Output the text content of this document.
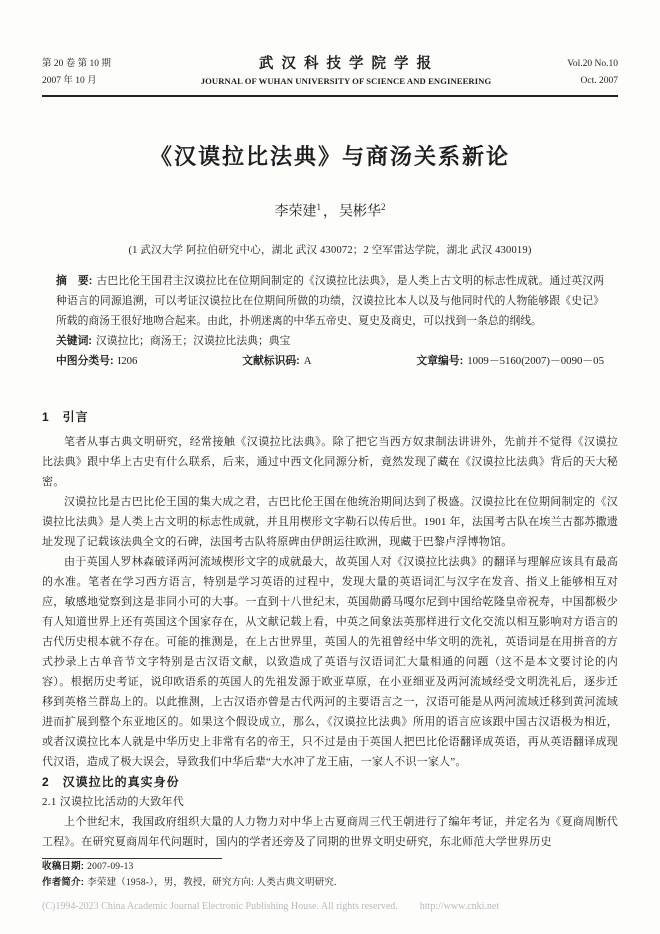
第 20 卷 第 10 期
2007 年 10 月
武 汉 科 技 学 院 学 报
JOURNAL OF WUHAN UNIVERSITY OF SCIENCE AND ENGINEERING
Vol.20 No.10
Oct. 2007
《汉谟拉比法典》与商汤关系新论
李荣建$^1$ ， 吴彬华$^2$
(1 武汉大学 阿拉伯研究中心，湖北 武汉 430072；2 空军雷达学院，湖北 武汉 430019)
摘　要: 古巴比伦王国君主汉谟拉比在位期间制定的《汉谟拉比法典》，是人类上古文明的标志性成就。通过英汉两种语言的同源追溯，可以考证汉谟拉比在位期间所做的功绩，汉谟拉比本人以及与他同时代的人物能够跟《史记》所载的商汤王很好地吻合起来。由此，扑朔迷离的中华五帝史、夏史及商史，可以找到一条总的纲线。
关键词: 汉谟拉比；商汤王；汉谟拉比法典；典宝
中图分类号: I206	文献标识码: A	文章编号: 1009－5160(2007)－0090－05
1　引言

笔者从事古典文明研究，经常接触《汉谟拉比法典》。除了把它当西方奴隶制法讲讲外，先前并不觉得《汉谟拉比法典》跟中华上古史有什么联系，后来，通过中西文化同源分析，竟然发现了藏在《汉谟拉比法典》背后的天大秘密。

汉谟拉比是古巴比伦王国的集大成之君，古巴比伦王国在他统治期间达到了极盛。汉谟拉比在位期间制定的《汉谟拉比法典》是人类上古文明的标志性成就，并且用楔形文字勒石以传后世。1901 年，法国考古队在埃兰古都苏撒遗址发现了记载该法典全文的石碑，法国考古队将原碑由伊朗运往欧洲，现藏于巴黎卢浮博物馆。

由于英国人罗林森破译两河流域楔形文字的成就最大，故英国人对《汉谟拉比法典》的翻译与理解应该具有最高的水准。笔者在学习西方语言，特别是学习英语的过程中，发现大量的英语词汇与汉字在发音、指义上能够相互对应，敏感地觉察到这是非同小可的大事。一直到十八世纪末，英国勋爵马嘎尔尼到中国给乾隆皇帝祝寿，中国都极少有人知道世界上还有英国这个国家存在，从文献记载上看，中英之间象法英那样进行文化交流以相互影响对方语言的古代历史根本就不存在。可能的推测是，在上古世界里，英国人的先祖曾经中华文明的洗礼，英语词是在用拼音的方式抄录上古单音节文字特别是古汉语文献，以致造成了英语与汉语词汇大量相通的问题（这不是本文要讨论的内容）。根据历史考证，说印欧语系的英国人的先祖发源于欧亚草原，在小亚细亚及两河流域经受文明洗礼后，逐步迁移到英格兰群岛上的。以此推测，上古汉语亦曾是古代两河的主要语言之一，汉语可能是从两河流域迁移到黄河流域进而扩展到整个东亚地区的。如果这个假设成立，那么，《汉谟拉比法典》所用的语言应该跟中国古汉语极为相近，或者汉谟拉比本人就是中华历史上非常有名的帝王，只不过是由于英国人把巴比伦语翻译成英语，再从英语翻译成现代汉语，造成了极大误会，导致我们中华后辈“大水冲了龙王庙，一家人不识一家人”。

2　汉谟拉比的真实身份
2.1 汉谟拉比活动的大致年代

上个世纪末，我国政府组织大量的人力物力对中华上古夏商周三代王朝进行了编年考证，并定名为《夏商周断代工程》。在研究夏商周年代问题时，国内的学者还旁及了同期的世界文明史研究，东北师范大学世界历史

收稿日期: 2007-09-13
作者简介: 李荣建（1958-），男，教授，研究方向: 人类古典文明研究.
(C)1994-2023 China Academic Journal Electronic Publishing House. All rights reserved. http://www.cnki.net
